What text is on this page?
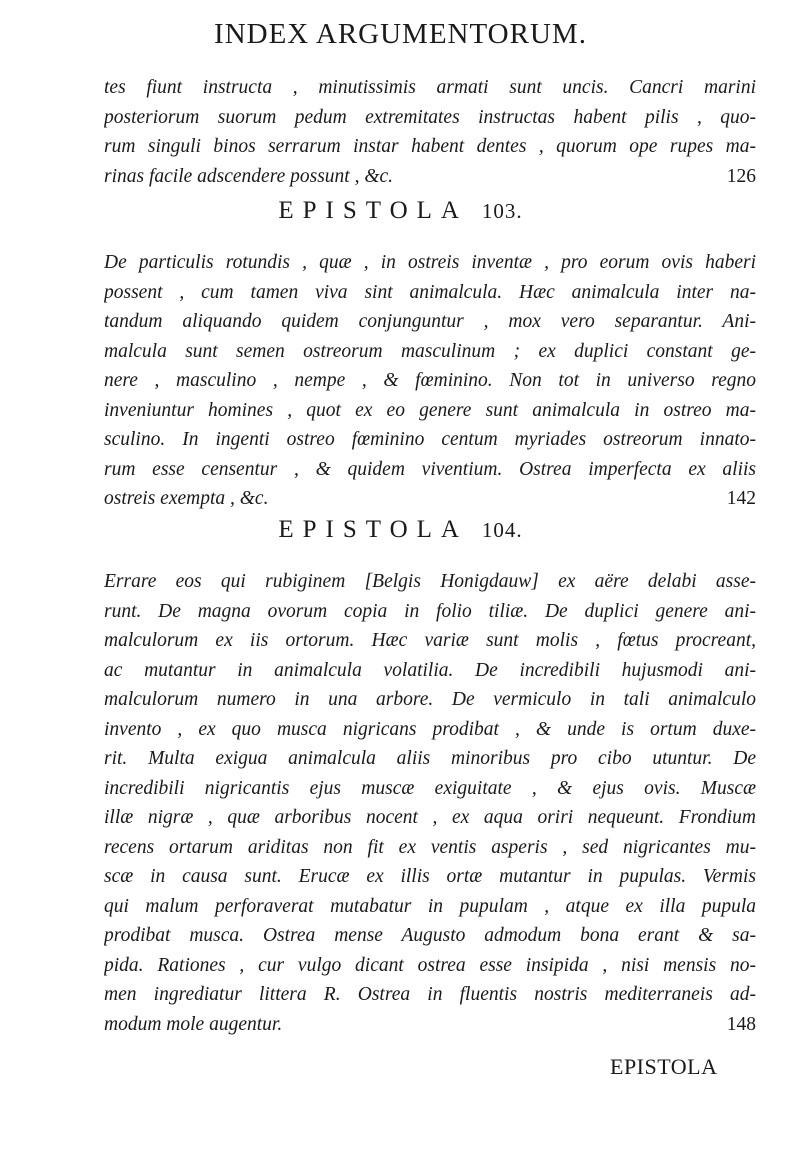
INDEX ARGUMENTORUM.
tes fiunt instructa , minutissimis armati sunt uncis. Cancri marini
posteriorum suorum pedum extremitates instructas habent pilis , quo-
rum singuli binos serrarum instar habent dentes , quorum ope rupes ma-
rinas facile adscendere possunt , &c.	126
EPISTOLA 103.
De particulis rotundis , quæ , in ostreis inventæ , pro eorum ovis haberi
possent , cum tamen viva sint animalcula. Hæc animalcula inter na-
tandum aliquando quidem conjunguntur , mox vero separantur. Ani-
malcula sunt semen ostreorum masculinum ; ex duplici constant ge-
nere , masculino , nempe , & fœminino. Non tot in universo regno
inveniuntur homines , quot ex eo genere sunt animalcula in ostreo ma-
sculino. In ingenti ostreo fœminino centum myriades ostreorum innato-
rum esse censentur , & quidem viventium. Ostrea imperfecta ex aliis
ostreis exempta , &c.	142
EPISTOLA 104.
Errare eos qui rubiginem [Belgis Honigdauw] ex aëre delabi asse-
runt. De magna ovorum copia in folio tiliæ. De duplici genere ani-
malculorum ex iis ortorum. Hæc variæ sunt molis , fœtus procreant,
ac mutantur in animalcula volatilia. De incredibili hujusmodi ani-
malculorum numero in una arbore. De vermiculo in tali animalculo
invento , ex quo musca nigricans prodibat , & unde is ortum duxe-
rit. Multa exigua animalcula aliis minoribus pro cibo utuntur. De
incredibili nigricantis ejus muscæ exiguitate , & ejus ovis. Muscæ
illæ nigræ , quæ arboribus nocent , ex aqua oriri nequeunt. Frondium
recens ortarum ariditas non fit ex ventis asperis , sed nigricantes mu-
scæ in causa sunt. Erucæ ex illis ortæ mutantur in pupulas. Vermis
qui malum perforaverat mutabatur in pupulam , atque ex illa pupula
prodibat musca. Ostrea mense Augusto admodum bona erant & sa-
pida. Rationes , cur vulgo dicant ostrea esse insipida , nisi mensis no-
men ingrediatur littera R. Ostrea in fluentis nostris mediterraneis ad-
modum mole augentur.	148
EPISTOLA
